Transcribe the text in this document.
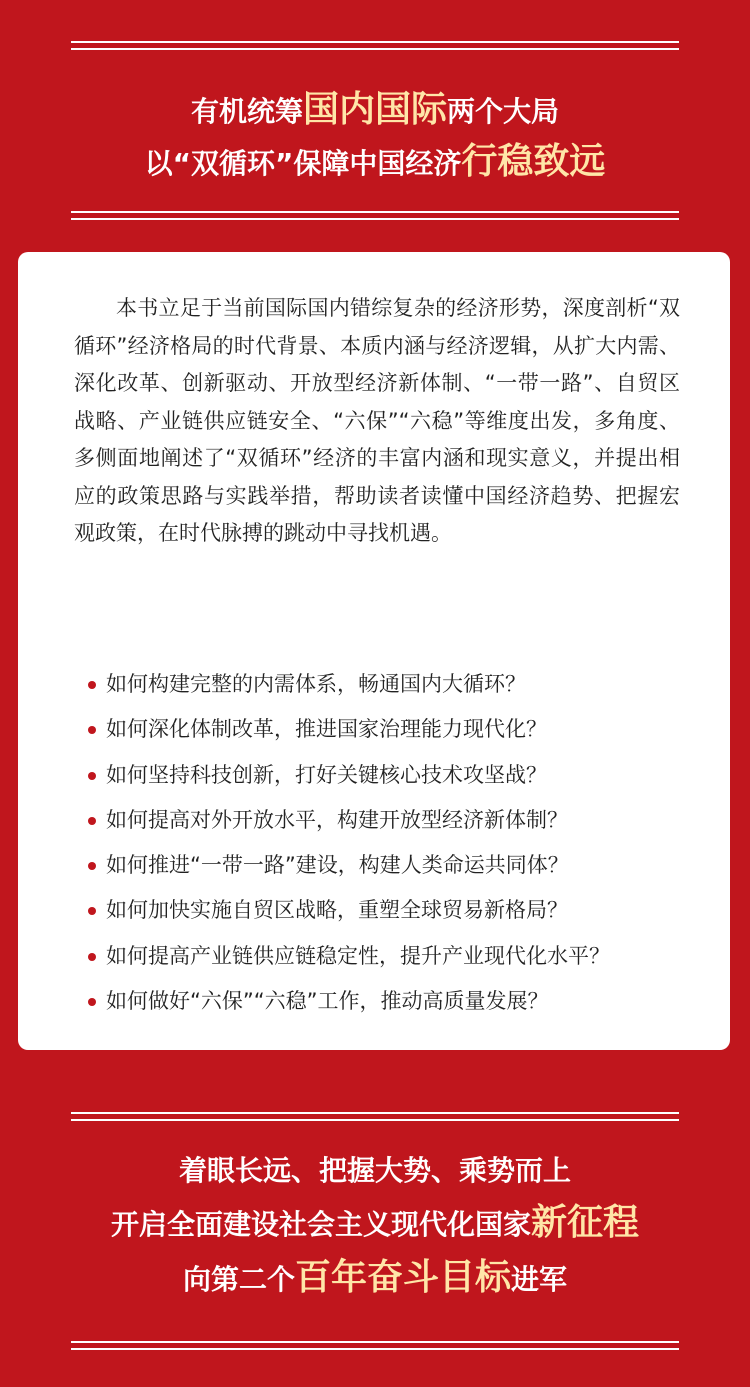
有机统筹国内国际两个大局
以“双循环”保障中国经济行稳致远

本书立足于当前国际国内错综复杂的经济形势，深度剖析“双循环”经济格局的时代背景、本质内涵与经济逻辑，从扩大内需、深化改革、创新驱动、开放型经济新体制、“一带一路”、自贸区战略、产业链供应链安全、“六保”“六稳”等维度出发，多角度、多侧面地阐述了“双循环”经济的丰富内涵和现实意义，并提出相应的政策思路与实践举措，帮助读者读懂中国经济趋势、把握宏观政策，在时代脉搏的跳动中寻找机遇。

如何构建完整的内需体系，畅通国内大循环？
如何深化体制改革，推进国家治理能力现代化？
如何坚持科技创新，打好关键核心技术攻坚战？
如何提高对外开放水平，构建开放型经济新体制？
如何推进“一带一路”建设，构建人类命运共同体？
如何加快实施自贸区战略，重塑全球贸易新格局？
如何提高产业链供应链稳定性，提升产业现代化水平？
如何做好“六保”“六稳”工作，推动高质量发展？
着眼长远、把握大势、乘势而上
开启全面建设社会主义现代化国家新征程
向第二个百年奋斗目标进军
